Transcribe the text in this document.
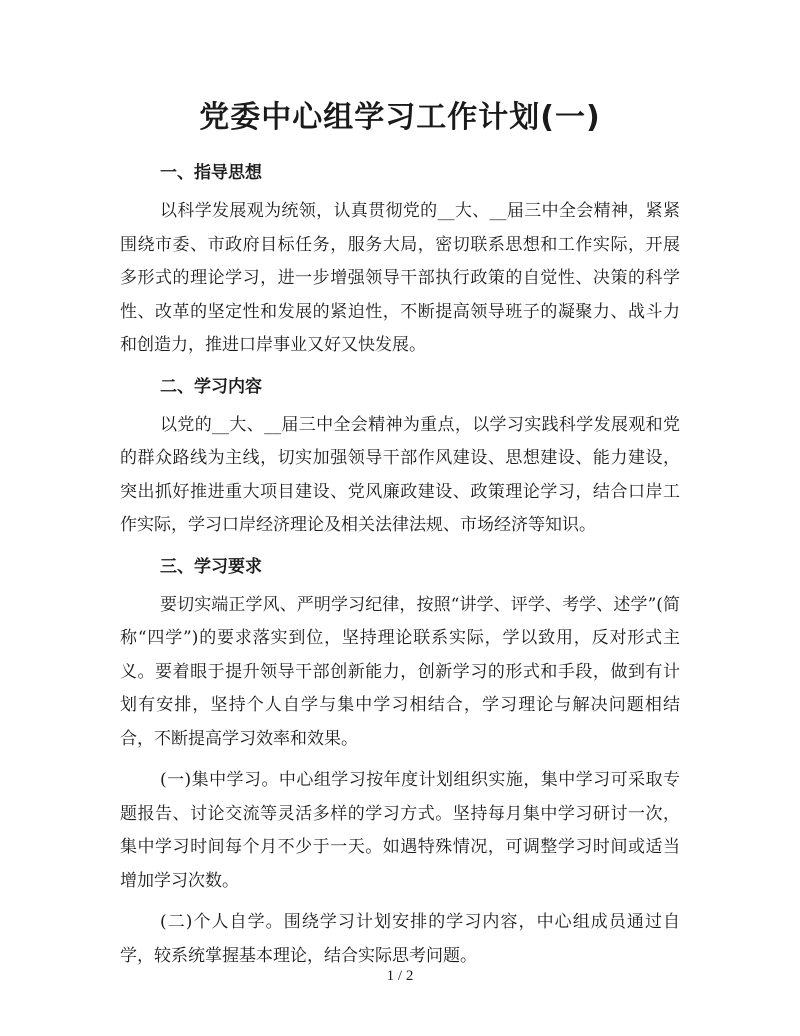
党委中心组学习工作计划(一)
一、指导思想

以科学发展观为统领，认真贯彻党的__大、__届三中全会精神，紧紧围绕市委、市政府目标任务，服务大局，密切联系思想和工作实际，开展多形式的理论学习，进一步增强领导干部执行政策的自觉性、决策的科学性、改革的坚定性和发展的紧迫性，不断提高领导班子的凝聚力、战斗力和创造力，推进口岸事业又好又快发展。

二、学习内容

以党的__大、__届三中全会精神为重点，以学习实践科学发展观和党的群众路线为主线，切实加强领导干部作风建设、思想建设、能力建设，突出抓好推进重大项目建设、党风廉政建设、政策理论学习，结合口岸工作实际，学习口岸经济理论及相关法律法规、市场经济等知识。

三、学习要求

要切实端正学风、严明学习纪律，按照“讲学、评学、考学、述学”(简称“四学”)的要求落实到位，坚持理论联系实际，学以致用，反对形式主义。要着眼于提升领导干部创新能力，创新学习的形式和手段，做到有计划有安排，坚持个人自学与集中学习相结合，学习理论与解决问题相结合，不断提高学习效率和效果。

(一)集中学习。中心组学习按年度计划组织实施，集中学习可采取专题报告、讨论交流等灵活多样的学习方式。坚持每月集中学习研讨一次，集中学习时间每个月不少于一天。如遇特殊情况，可调整学习时间或适当增加学习次数。

(二)个人自学。围绕学习计划安排的学习内容，中心组成员通过自学，较系统掌握基本理论，结合实际思考问题。

1 / 2
